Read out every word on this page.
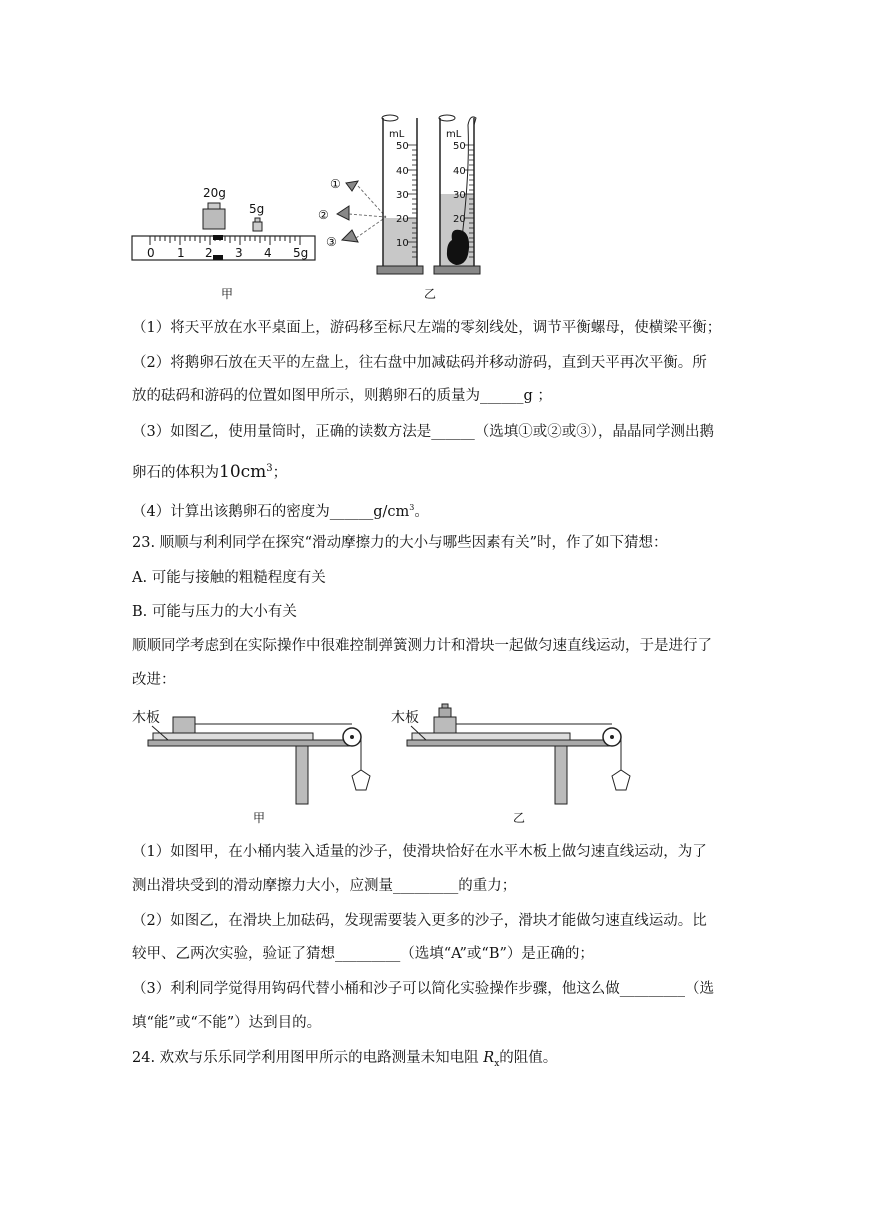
0 1 2 3 4 5g
20g
5g
①
②
③
mL
50
40
30
20
10
mL
50
40
30
20
甲	乙
（1）将天平放在水平桌面上，游码移至标尺左端的零刻线处，调节平衡螺母，使横梁平衡；
（2）将鹅卵石放在天平的左盘上，往右盘中加减砝码并移动游码，直到天平再次平衡。所
放的砝码和游码的位置如图甲所示，则鹅卵石的质量为______g ；
（3）如图乙，使用量筒时，正确的读数方法是______（选填①或②或③），晶晶同学测出鹅
卵石的体积为$10cm^3$；
（4）计算出该鹅卵石的密度为$\_\_\_\_\_\_g/cm^3$。
23. 顺顺与利利同学在探究“滑动摩擦力的大小与哪些因素有关”时，作了如下猜想：
A. 可能与接触的粗糙程度有关
B. 可能与压力的大小有关
顺顺同学考虑到在实际操作中很难控制弹簧测力计和滑块一起做匀速直线运动，于是进行了
改进：
木板
甲
木板
乙
（1）如图甲，在小桶内装入适量的沙子，使滑块恰好在水平木板上做匀速直线运动，为了
测出滑块受到的滑动摩擦力大小，应测量_________的重力；
（2）如图乙，在滑块上加砝码，发现需要装入更多的沙子，滑块才能做匀速直线运动。比
较甲、乙两次实验，验证了猜想_________（选填“A”或“B”）是正确的；
（3）利利同学觉得用钩码代替小桶和沙子可以简化实验操作步骤，他这么做_________（选
填“能”或“不能”）达到目的。
24. 欢欢与乐乐同学利用图甲所示的电路测量未知电阻 $R_x$的阻值。
